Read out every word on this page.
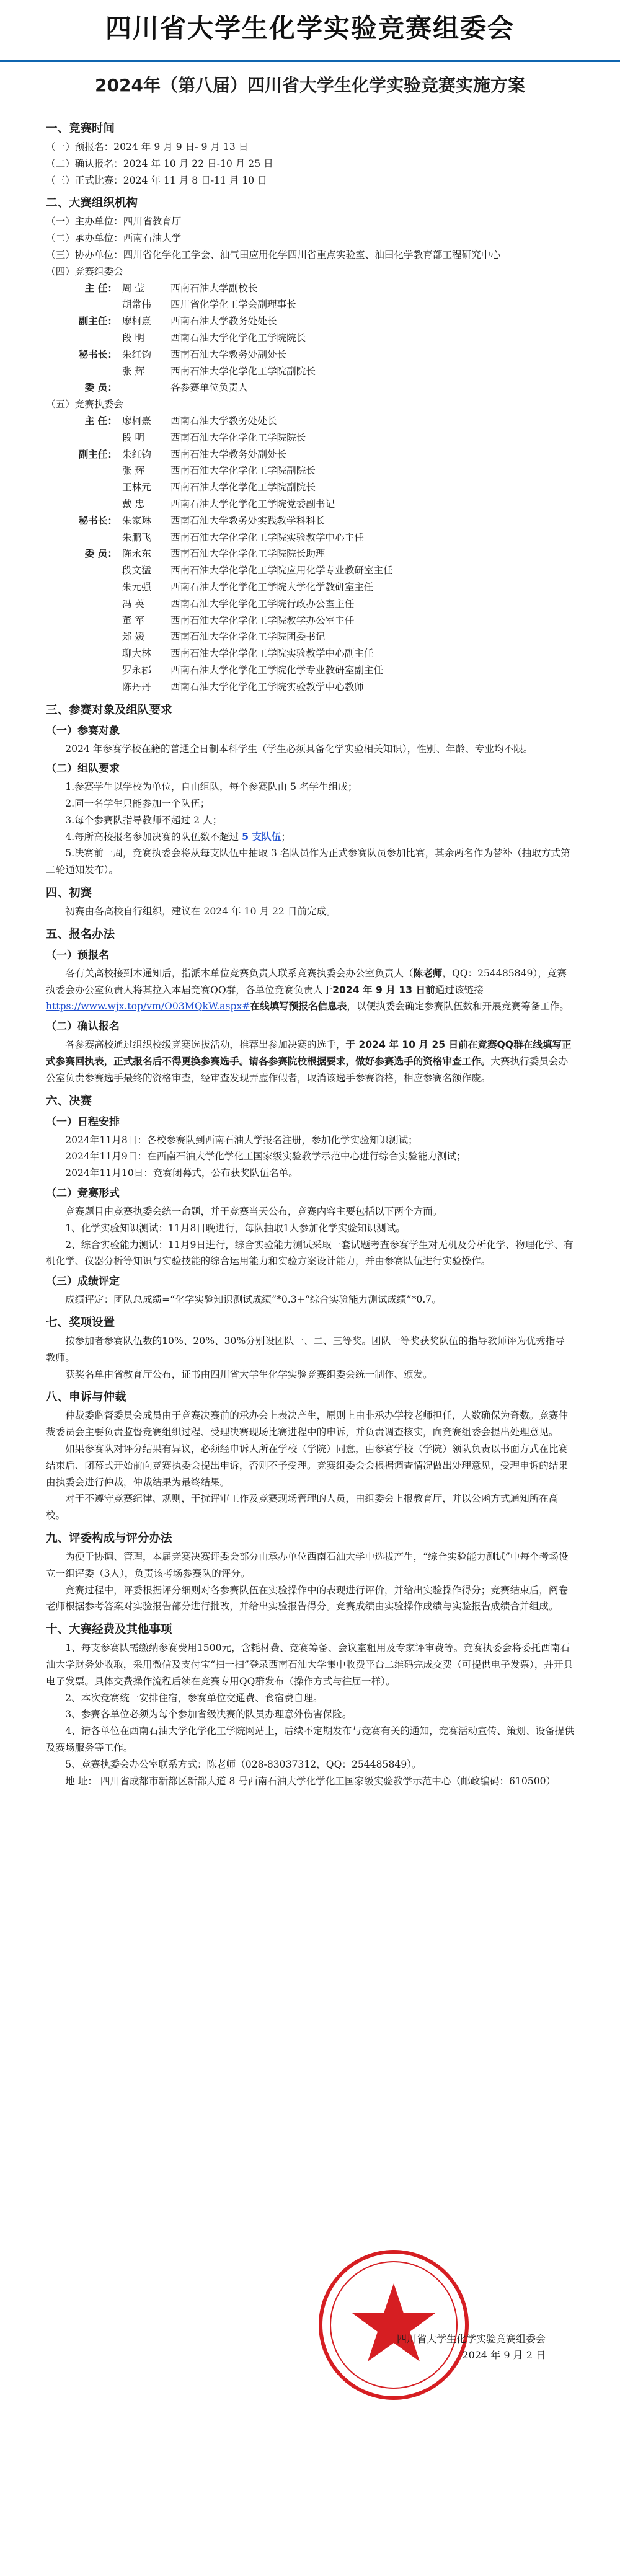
四川省大学生化学实验竞赛组委会
2024年（第八届）四川省大学生化学实验竞赛实施方案
一、竞赛时间
（一）预报名：2024 年 9 月 9 日- 9 月 13 日
（二）确认报名：2024 年 10 月 22 日-10 月 25 日
（三）正式比赛：2024 年 11 月 8 日-11 月 10 日
二、大赛组织机构
（一）主办单位：四川省教育厅
（二）承办单位：西南石油大学
（三）协办单位：四川省化学化工学会、油气田应用化学四川省重点实验室、油田化学教育部工程研究中心
（四）竞赛组委会
主 任： 周 莹	西南石油大学副校长
胡常伟	四川省化学化工学会副理事长
副主任： 廖柯熹	西南石油大学教务处处长
段 明	西南石油大学化学化工学院院长
秘书长： 朱红钧	西南石油大学教务处副处长
张 辉	西南石油大学化学化工学院副院长
委 员：	各参赛单位负责人
（五）竞赛执委会
主 任： 廖柯熹	西南石油大学教务处处长
段 明	西南石油大学化学化工学院院长
副主任： 朱红钧	西南石油大学教务处副处长
张 辉	西南石油大学化学化工学院副院长
王林元	西南石油大学化学化工学院副院长
戴 忠	西南石油大学化学化工学院党委副书记
秘书长： 朱家琳	西南石油大学教务处实践教学科科长
朱鹏飞	西南石油大学化学化工学院实验教学中心主任
委 员： 陈永东	西南石油大学化学化工学院院长助理
段文猛	西南石油大学化学化工学院应用化学专业教研室主任
朱元强	西南石油大学化学化工学院大学化学教研室主任
冯 英	西南石油大学化学化工学院行政办公室主任
董 军	西南石油大学化学化工学院教学办公室主任
郑 媛	西南石油大学化学化工学院团委书记
聊大林	西南石油大学化学化工学院实验教学中心副主任
罗永郡	西南石油大学化学化工学院化学专业教研室副主任
陈丹丹	西南石油大学化学化工学院实验教学中心教师
三、参赛对象及组队要求
（一）参赛对象
2024 年参赛学校在籍的普通全日制本科学生（学生必须具备化学实验相关知识），性别、年龄、专业均不限。
（二）组队要求
1.参赛学生以学校为单位，自由组队，每个参赛队由 5 名学生组成；
2.同一名学生只能参加一个队伍；
3.每个参赛队指导教师不超过 2 人；
4.每所高校报名参加决赛的队伍数不超过 5 支队伍；
5.决赛前一周，竞赛执委会将从每支队伍中抽取 3 名队员作为正式参赛队员参加比赛，其余两名作为替补（抽取方式第二轮通知发布）。
四、初赛
初赛由各高校自行组织，建议在 2024 年 10 月 22 日前完成。
五、报名办法
（一）预报名
各有关高校接到本通知后，指派本单位竞赛负责人联系竞赛执委会办公室负责人（陈老师，QQ：254485849），竞赛执委会办公室负责人将其拉入本届竞赛QQ群，各单位竞赛负责人于2024 年 9 月 13 日前通过该链接https://www.wjx.top/vm/O03MQkW.aspx#在线填写预报名信息表，以便执委会确定参赛队伍数和开展竞赛筹备工作。
（二）确认报名
各参赛高校通过组织校级竞赛选拔活动，推荐出参加决赛的选手，于 2024 年 10 月 25 日前在竞赛QQ群在线填写正式参赛回执表，正式报名后不得更换参赛选手。请各参赛院校根据要求，做好参赛选手的资格审查工作。大赛执行委员会办公室负责参赛选手最终的资格审查，经审查发现弄虚作假者，取消该选手参赛资格，相应参赛名额作废。
六、决赛
（一）日程安排
2024年11月8日：各校参赛队到西南石油大学报名注册，参加化学实验知识测试；
2024年11月9日：在西南石油大学化学化工国家级实验教学示范中心进行综合实验能力测试；
2024年11月10日：竞赛闭幕式，公布获奖队伍名单。
（二）竞赛形式
竞赛题目由竞赛执委会统一命题，并于竞赛当天公布，竞赛内容主要包括以下两个方面。
1、化学实验知识测试：11月8日晚进行，每队抽取1人参加化学实验知识测试。
2、综合实验能力测试：11月9日进行，综合实验能力测试采取一套试题考查参赛学生对无机及分析化学、物理化学、有机化学、仪器分析等知识与实验技能的综合运用能力和实验方案设计能力，并由参赛队伍进行实验操作。
（三）成绩评定
成绩评定：团队总成绩=“化学实验知识测试成绩”*0.3+“综合实验能力测试成绩”*0.7。
七、奖项设置
按参加者参赛队伍数的10%、20%、30%分别设团队一、二、三等奖。团队一等奖获奖队伍的指导教师评为优秀指导教师。
获奖名单由省教育厅公布，证书由四川省大学生化学实验竞赛组委会统一制作、颁发。
八、申诉与仲裁
仲裁委监督委员会成员由于竞赛决赛前的承办会上表决产生，原则上由非承办学校老师担任，人数确保为奇数。竞赛仲裁委员会主要负责监督竞赛组织过程、受理决赛现场比赛进程中的申诉，并负责调查核实，向竞赛组委会提出处理意见。
如果参赛队对评分结果有异议，必须经申诉人所在学校（学院）同意，由参赛学校（学院）领队负责以书面方式在比赛结束后、闭幕式开始前向竞赛执委会提出申诉，否则不予受理。竞赛组委会会根据调查情况做出处理意见，受理申诉的结果由执委会进行仲裁，仲裁结果为最终结果。
对于不遵守竞赛纪律、规则，干扰评审工作及竞赛现场管理的人员，由组委会上报教育厅，并以公函方式通知所在高校。
九、评委构成与评分办法
为便于协调、管理，本届竞赛决赛评委会部分由承办单位西南石油大学中选拔产生，“综合实验能力测试”中每个考场设立一组评委（3人），负责该考场参赛队的评分。
竞赛过程中，评委根据评分细则对各参赛队伍在实验操作中的表现进行评价，并给出实验操作得分；竞赛结束后，阅卷老师根据参考答案对实验报告部分进行批改，并给出实验报告得分。竞赛成绩由实验操作成绩与实验报告成绩合并组成。
十、大赛经费及其他事项
1、每支参赛队需缴纳参赛费用1500元，含耗材费、竞赛筹备、会议室租用及专家评审费等。竞赛执委会将委托西南石油大学财务处收取，采用微信及支付宝“扫一扫”登录西南石油大学集中收费平台二维码完成交费（可提供电子发票），并开具电子发票。具体交费操作流程后续在竞赛专用QQ群发布（操作方式与往届一样）。
2、本次竞赛统一安排住宿，参赛单位交通费、食宿费自理。
3、参赛各单位必须为每个参加省级决赛的队员办理意外伤害保险。
4、请各单位在西南石油大学化学化工学院网站上，后续不定期发布与竞赛有关的通知，竞赛活动宣传、策划、设备提供及赛场服务等工作。
5、竞赛执委会办公室联系方式：陈老师（028-83037312，QQ：254485849）。
地 址： 四川省成都市新都区新都大道 8 号西南石油大学化学化工国家级实验教学示范中心（邮政编码：610500）
四川省大学生化学实验竞赛组委会
2024 年 9 月 2 日
